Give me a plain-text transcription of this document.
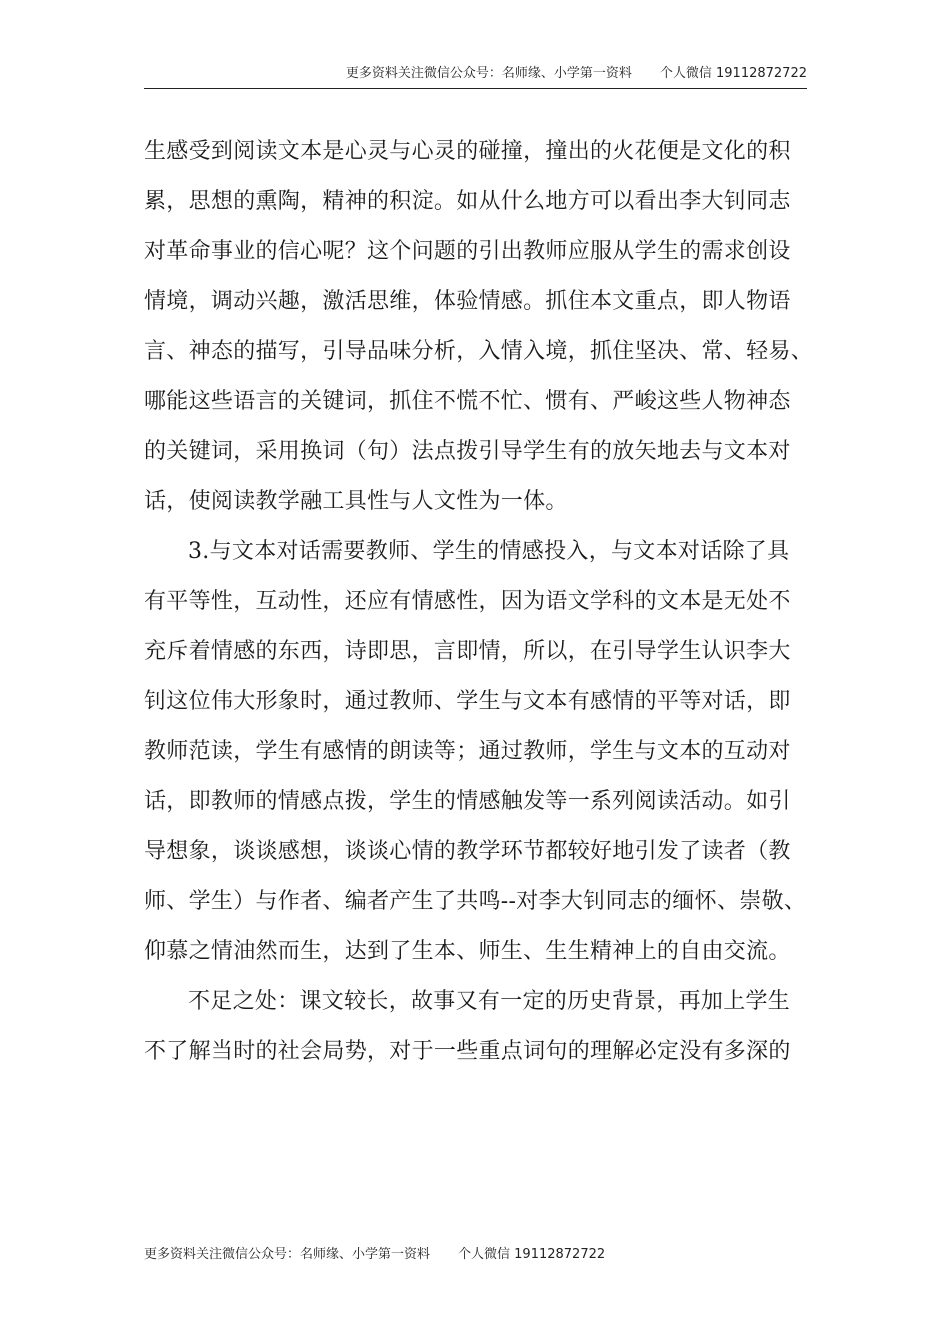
更多资料关注微信公众号：名师缘、小学第一资料 个人微信 19112872722
生感受到阅读文本是心灵与心灵的碰撞，撞出的火花便是文化的积
累，思想的熏陶，精神的积淀。如从什么地方可以看出李大钊同志
对革命事业的信心呢？这个问题的引出教师应服从学生的需求创设
情境，调动兴趣，激活思维，体验情感。抓住本文重点，即人物语
言、神态的描写，引导品味分析，入情入境，抓住坚决、常、轻易、
哪能这些语言的关键词，抓住不慌不忙、惯有、严峻这些人物神态
的关键词，采用换词（句）法点拨引导学生有的放矢地去与文本对
话，使阅读教学融工具性与人文性为一体。
3.与文本对话需要教师、学生的情感投入，与文本对话除了具
有平等性，互动性，还应有情感性，因为语文学科的文本是无处不
充斥着情感的东西，诗即思，言即情，所以，在引导学生认识李大
钊这位伟大形象时，通过教师、学生与文本有感情的平等对话，即
教师范读，学生有感情的朗读等；通过教师，学生与文本的互动对
话，即教师的情感点拨，学生的情感触发等一系列阅读活动。如引
导想象，谈谈感想，谈谈心情的教学环节都较好地引发了读者（教
师、学生）与作者、编者产生了共鸣--对李大钊同志的缅怀、崇敬、
仰慕之情油然而生，达到了生本、师生、生生精神上的自由交流。
不足之处：课文较长，故事又有一定的历史背景，再加上学生
不了解当时的社会局势，对于一些重点词句的理解必定没有多深的
更多资料关注微信公众号：名师缘、小学第一资料 个人微信 19112872722
